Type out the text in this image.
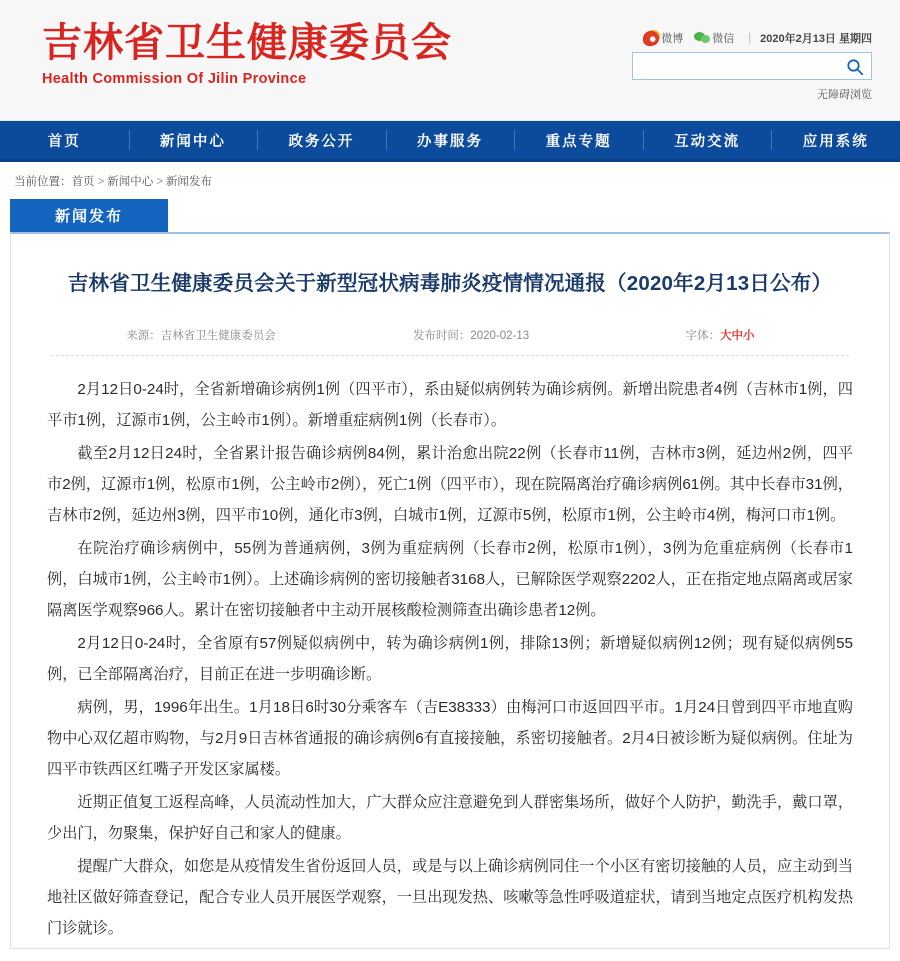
吉林省卫生健康委员会
Health Commission Of Jilin Province
微博	微信 | 2020年2月13日 星期四
无障碍浏览
首页	新闻中心	政务公开	办事服务	重点专题	互动交流	应用系统
当前位置：首页 > 新闻中心 > 新闻发布
新闻发布
吉林省卫生健康委员会关于新型冠状病毒肺炎疫情情况通报（2020年2月13日公布）
来源：吉林省卫生健康委员会	发布时间：2020-02-13	字体：大中小

2月12日0-24时，全省新增确诊病例1例（四平市），系由疑似病例转为确诊病例。新增出院患者4例（吉林市1例，四平市1例，辽源市1例，公主岭市1例）。新增重症病例1例（长春市）。

截至2月12日24时，全省累计报告确诊病例84例，累计治愈出院22例（长春市11例，吉林市3例，延边州2例，四平市2例，辽源市1例，松原市1例，公主岭市2例），死亡1例（四平市），现在院隔离治疗确诊病例61例。其中长春市31例，吉林市2例，延边州3例，四平市10例，通化市3例，白城市1例，辽源市5例，松原市1例，公主岭市4例，梅河口市1例。

在院治疗确诊病例中，55例为普通病例，3例为重症病例（长春市2例，松原市1例），3例为危重症病例（长春市1例，白城市1例，公主岭市1例）。上述确诊病例的密切接触者3168人，已解除医学观察2202人，正在指定地点隔离或居家隔离医学观察966人。累计在密切接触者中主动开展核酸检测筛查出确诊患者12例。

2月12日0-24时，全省原有57例疑似病例中，转为确诊病例1例，排除13例；新增疑似病例12例；现有疑似病例55例，已全部隔离治疗，目前正在进一步明确诊断。

病例，男，1996年出生。1月18日6时30分乘客车（吉E38333）由梅河口市返回四平市。1月24日曾到四平市地直购物中心双亿超市购物，与2月9日吉林省通报的确诊病例6有直接接触，系密切接触者。2月4日被诊断为疑似病例。住址为四平市铁西区红嘴子开发区家属楼。

近期正值复工返程高峰，人员流动性加大，广大群众应注意避免到人群密集场所，做好个人防护，勤洗手，戴口罩，少出门，勿聚集，保护好自己和家人的健康。

提醒广大群众，如您是从疫情发生省份返回人员，或是与以上确诊病例同住一个小区有密切接触的人员，应主动到当地社区做好筛查登记，配合专业人员开展医学观察，一旦出现发热、咳嗽等急性呼吸道症状，请到当地定点医疗机构发热门诊就诊。
